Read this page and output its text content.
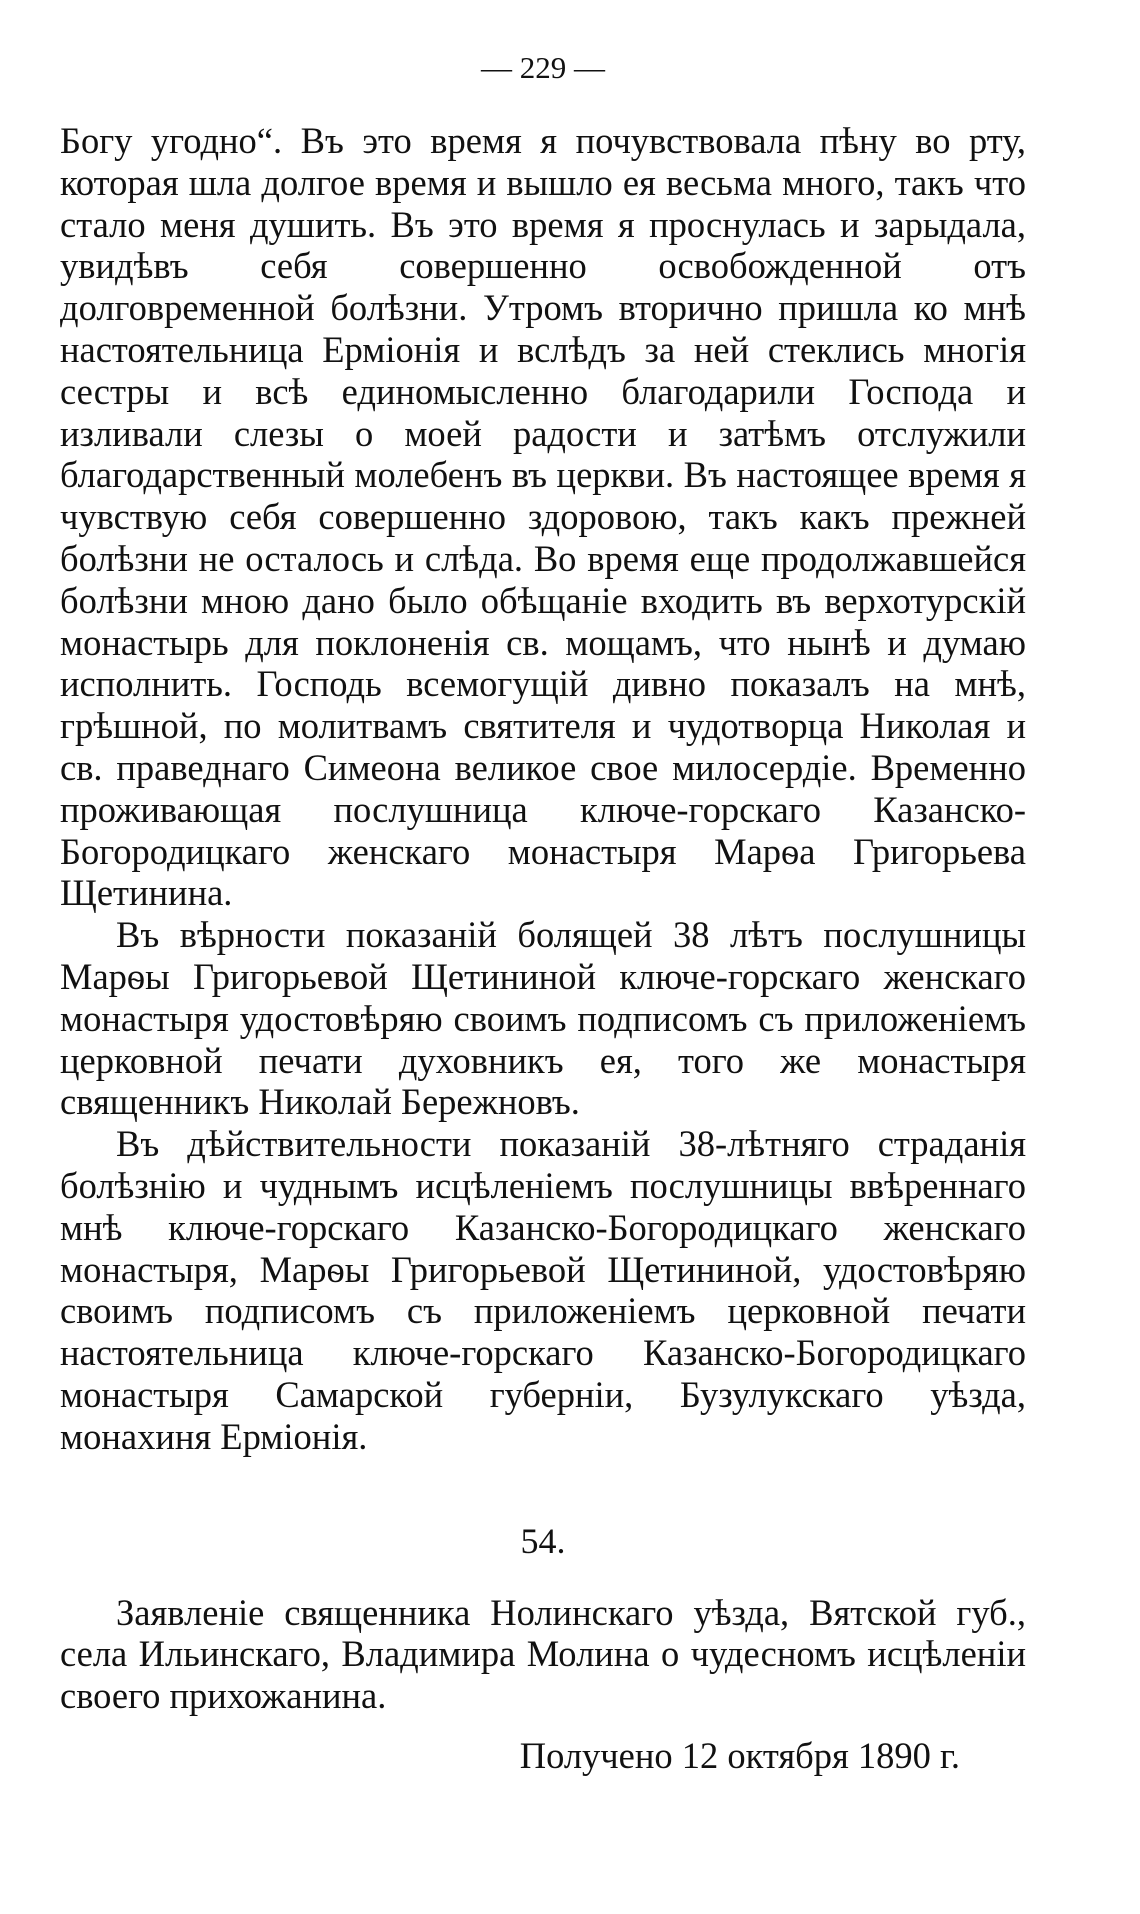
— 229 —

Богу угодно“. Въ это время я почувствовала пѣну во рту, которая шла долгое время и вышло ея весьма много, такъ что стало меня душить. Въ это время я проснулась и зарыдала, увидѣвъ себя совершенно освобожденной отъ долговременной болѣзни. Утромъ вторично пришла ко мнѣ настоятельница Ермiонiя и вслѣдъ за ней стеклись многiя сестры и всѣ единомысленно благодарили Господа и изливали слезы о моей радости и затѣмъ отслужили благодарственный молебенъ въ церкви. Въ настоящее время я чувствую себя совершенно здоровою, такъ какъ прежней болѣзни не осталось и слѣда. Во время еще продолжавшейся болѣзни мною дано было обѣщанiе входить въ верхотурскiй монастырь для поклоненiя св. мощамъ, что нынѣ и думаю исполнить. Господь всемогущiй дивно показалъ на мнѣ, грѣшной, по молитвамъ святителя и чудотворца Николая и св. праведнаго Симеона великое свое милосердiе. Временно проживающая послушница ключе-горскаго Казанско-Богородицкаго женскаго монастыря Марѳа Григорьева Щетинина.

Въ вѣрности показанiй болящей 38 лѣтъ послушницы Марѳы Григорьевой Щетининой ключе-горскаго женскаго монастыря удостовѣряю своимъ подписомъ съ приложенiемъ церковной печати духовникъ ея, того же монастыря священникъ Николай Бережновъ.

Въ дѣйствительности показанiй 38-лѣтняго страданiя болѣзнiю и чуднымъ исцѣленiемъ послушницы ввѣреннаго мнѣ ключе-горскаго Казанско-Богородицкаго женскаго монастыря, Марѳы Григорьевой Щетининой, удостовѣряю своимъ подписомъ съ приложенiемъ церковной печати настоятельница ключе-горскаго Казанско-Богородицкаго монастыря Самарской губернiи, Бузулукскаго уѣзда, монахиня Ермiонiя.

54.

Заявленiе священника Нолинскаго уѣзда, Вятской губ., села Ильинскаго, Владимира Молина о чудесномъ исцѣленiи своего прихожанина.

Получено 12 октября 1890 г.
